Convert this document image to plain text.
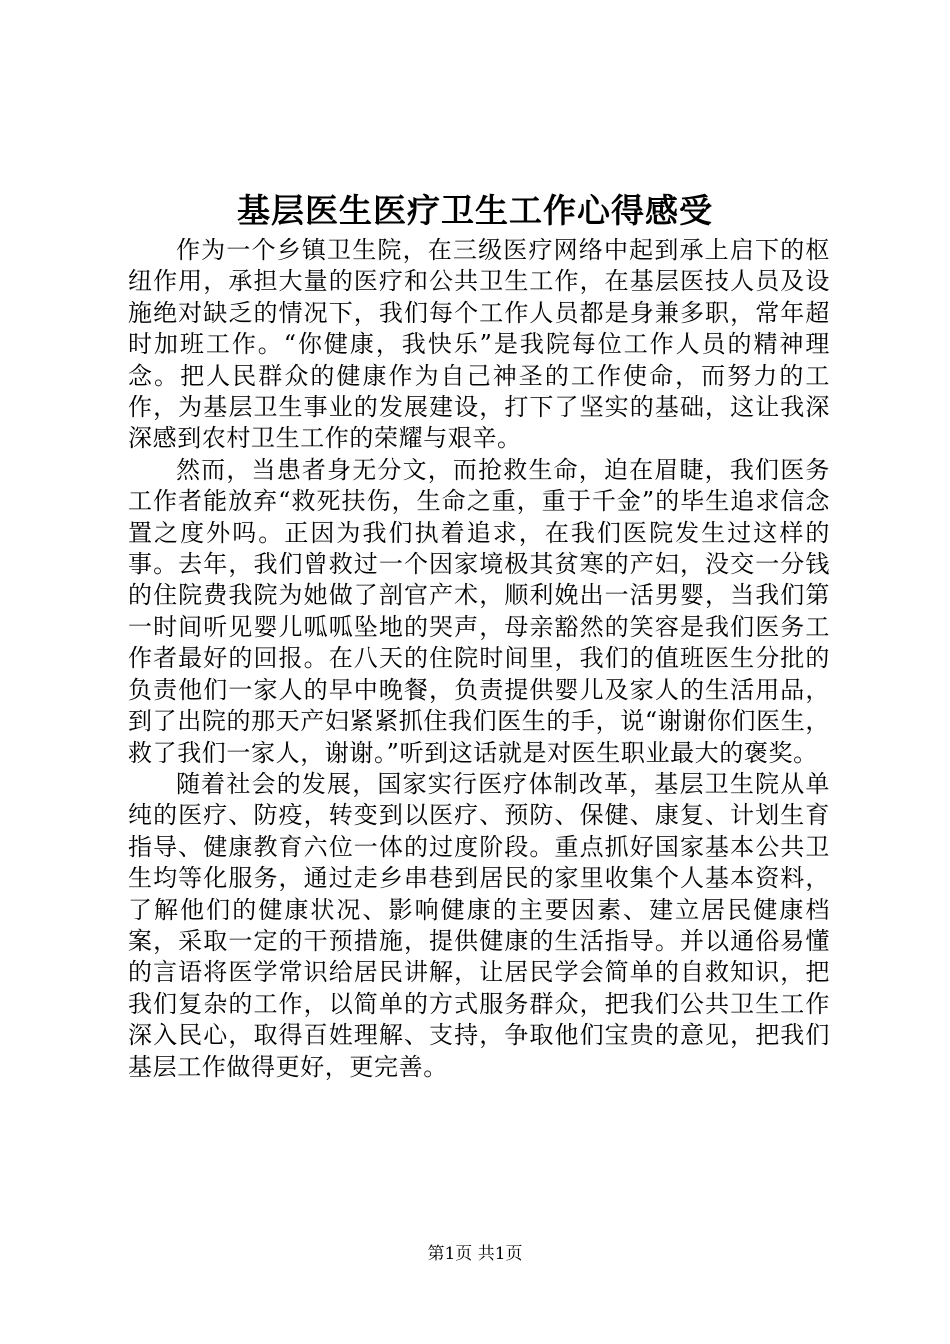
基层医生医疗卫生工作心得感受

作为一个乡镇卫生院，在三级医疗网络中起到承上启下的枢纽作用，承担大量的医疗和公共卫生工作，在基层医技人员及设施绝对缺乏的情况下，我们每个工作人员都是身兼多职，常年超时加班工作。“你健康，我快乐”是我院每位工作人员的精神理念。把人民群众的健康作为自己神圣的工作使命，而努力的工作，为基层卫生事业的发展建设，打下了坚实的基础，这让我深深感到农村卫生工作的荣耀与艰辛。

然而，当患者身无分文，而抢救生命，迫在眉睫，我们医务工作者能放弃“救死扶伤，生命之重，重于千金”的毕生追求信念置之度外吗。正因为我们执着追求，在我们医院发生过这样的事。去年，我们曾救过一个因家境极其贫寒的产妇，没交一分钱的住院费我院为她做了剖官产术，顺利娩出一活男婴，当我们第一时间听见婴儿呱呱坠地的哭声，母亲豁然的笑容是我们医务工作者最好的回报。在八天的住院时间里，我们的值班医生分批的负责他们一家人的早中晚餐，负责提供婴儿及家人的生活用品，到了出院的那天产妇紧紧抓住我们医生的手，说“谢谢你们医生，救了我们一家人，谢谢。”听到这话就是对医生职业最大的褒奖。

随着社会的发展，国家实行医疗体制改革，基层卫生院从单纯的医疗、防疫，转变到以医疗、预防、保健、康复、计划生育指导、健康教育六位一体的过度阶段。重点抓好国家基本公共卫生均等化服务，通过走乡串巷到居民的家里收集个人基本资料，了解他们的健康状况、影响健康的主要因素、建立居民健康档案，采取一定的干预措施，提供健康的生活指导。并以通俗易懂的言语将医学常识给居民讲解，让居民学会简单的自救知识，把我们复杂的工作，以简单的方式服务群众，把我们公共卫生工作深入民心，取得百姓理解、支持，争取他们宝贵的意见，把我们基层工作做得更好，更完善。

第1页 共1页
